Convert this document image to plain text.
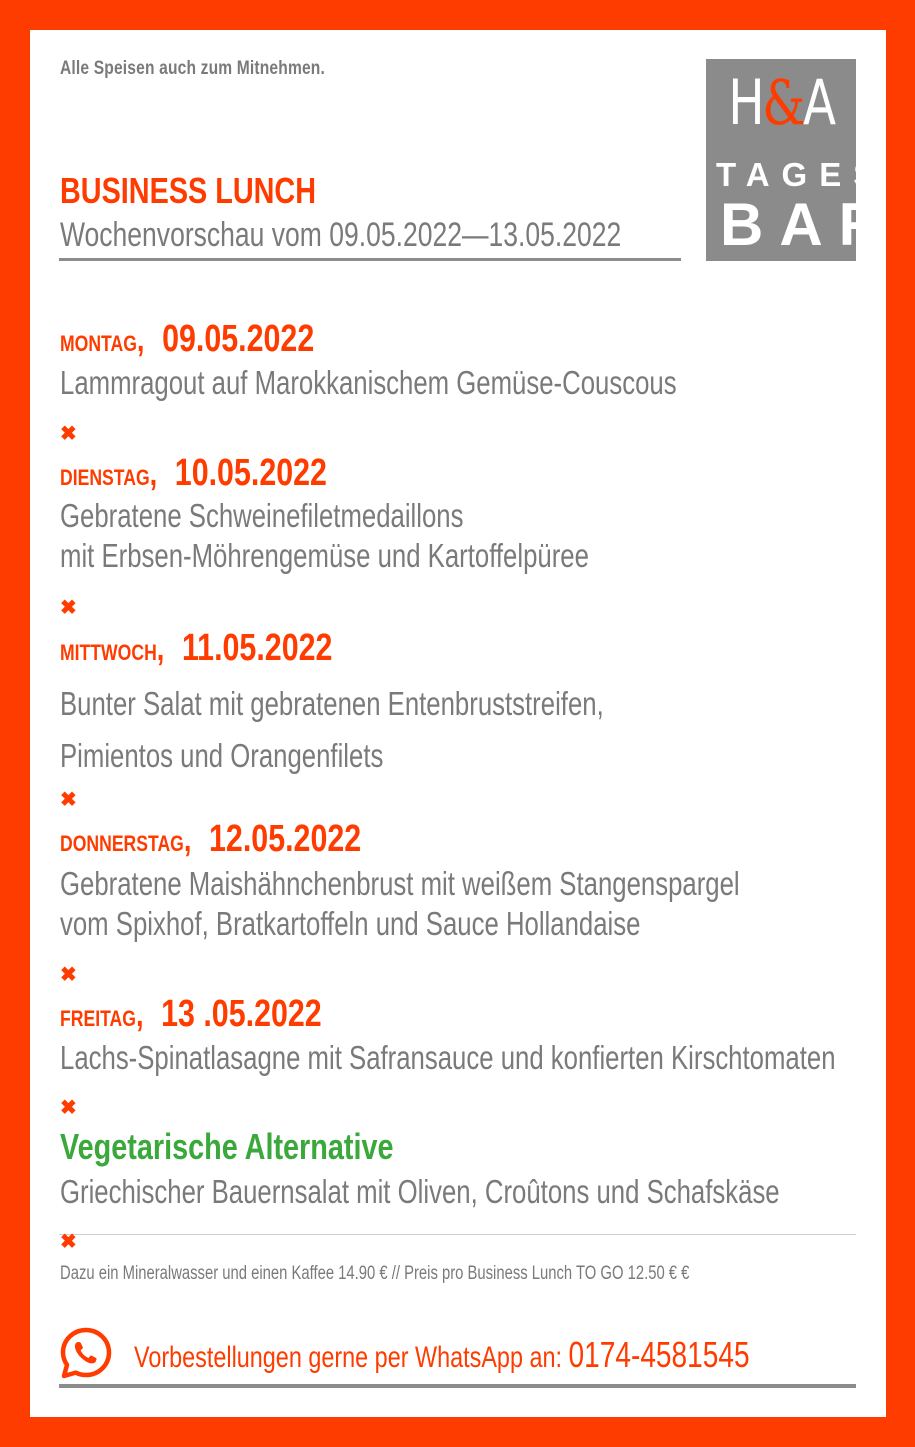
Alle Speisen auch zum Mitnehmen.
BUSINESS LUNCH
Wochenvorschau vom 09.05.2022—13.05.2022
H&A
TAGES
BAR
MONTAG, 09.05.2022
Lammragout auf Marokkanischem Gemüse-Couscous
✖
DIENSTAG, 10.05.2022
Gebratene Schweinefiletmedaillons
mit Erbsen-Möhrengemüse und Kartoffelpüree
✖
MITTWOCH, 11.05.2022
Bunter Salat mit gebratenen Entenbruststreifen,
Pimientos und Orangenfilets
✖
DONNERSTAG, 12.05.2022
Gebratene Maishähnchenbrust mit weißem Stangenspargel
vom Spixhof, Bratkartoffeln und Sauce Hollandaise
✖
FREITAG, 13 .05.2022
Lachs-Spinatlasagne mit Safransauce und konfierten Kirschtomaten
✖
Vegetarische Alternative
Griechischer Bauernsalat mit Oliven, Croûtons und Schafskäse
✖
Dazu ein Mineralwasser und einen Kaffee 14.90 € // Preis pro Business Lunch TO GO 12.50 € €
Vorbestellungen gerne per WhatsApp an: 0174-4581545
